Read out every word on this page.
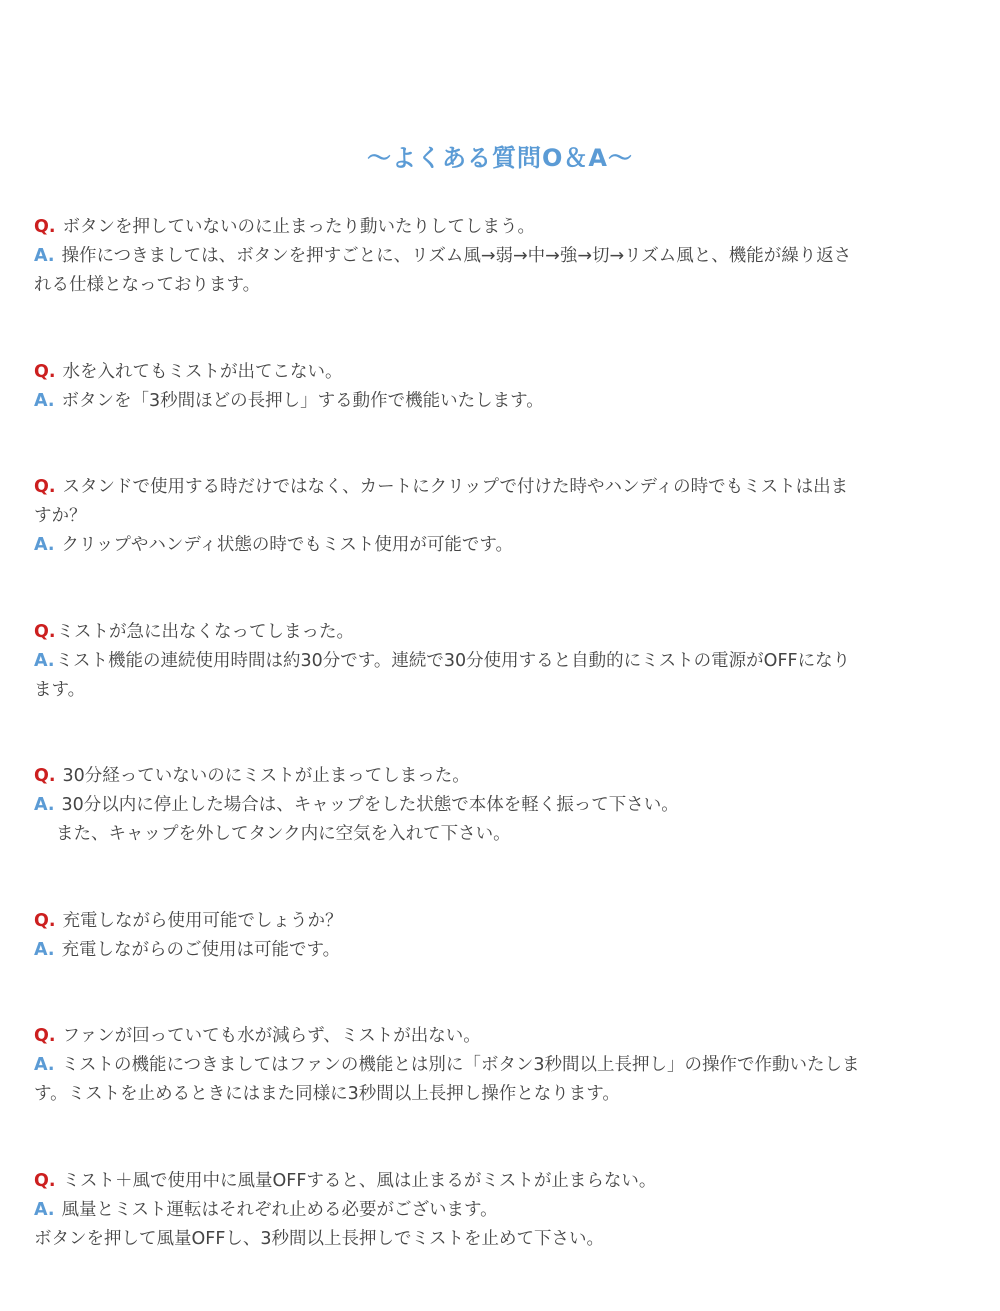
～よくある質問O＆A～
Q. ボタンを押していないのに止まったり動いたりしてしまう。
A. 操作につきましては、ボタンを押すごとに、リズム風→弱→中→強→切→リズム風と、機能が繰り返さ
れる仕様となっております。
Q. 水を入れてもミストが出てこない。
A. ボタンを「3秒間ほどの長押し」する動作で機能いたします。
Q. スタンドで使用する時だけではなく、カートにクリップで付けた時やハンディの時でもミストは出ま
すか？
A. クリップやハンディ状態の時でもミスト使用が可能です。
Q.ミストが急に出なくなってしまった。
A.ミスト機能の連続使用時間は約30分です。連続で30分使用すると自動的にミストの電源がOFFになり
ます。
Q. 30分経っていないのにミストが止まってしまった。
A. 30分以内に停止した場合は、キャップをした状態で本体を軽く振って下さい。
また、キャップを外してタンク内に空気を入れて下さい。
Q. 充電しながら使用可能でしょうか？
A. 充電しながらのご使用は可能です。
Q. ファンが回っていても水が減らず、ミストが出ない。
A. ミストの機能につきましてはファンの機能とは別に「ボタン3秒間以上長押し」の操作で作動いたしま
す。ミストを止めるときにはまた同様に3秒間以上長押し操作となります。
Q. ミスト＋風で使用中に風量OFFすると、風は止まるがミストが止まらない。
A. 風量とミスト運転はそれぞれ止める必要がございます。
ボタンを押して風量OFFし、3秒間以上長押しでミストを止めて下さい。
